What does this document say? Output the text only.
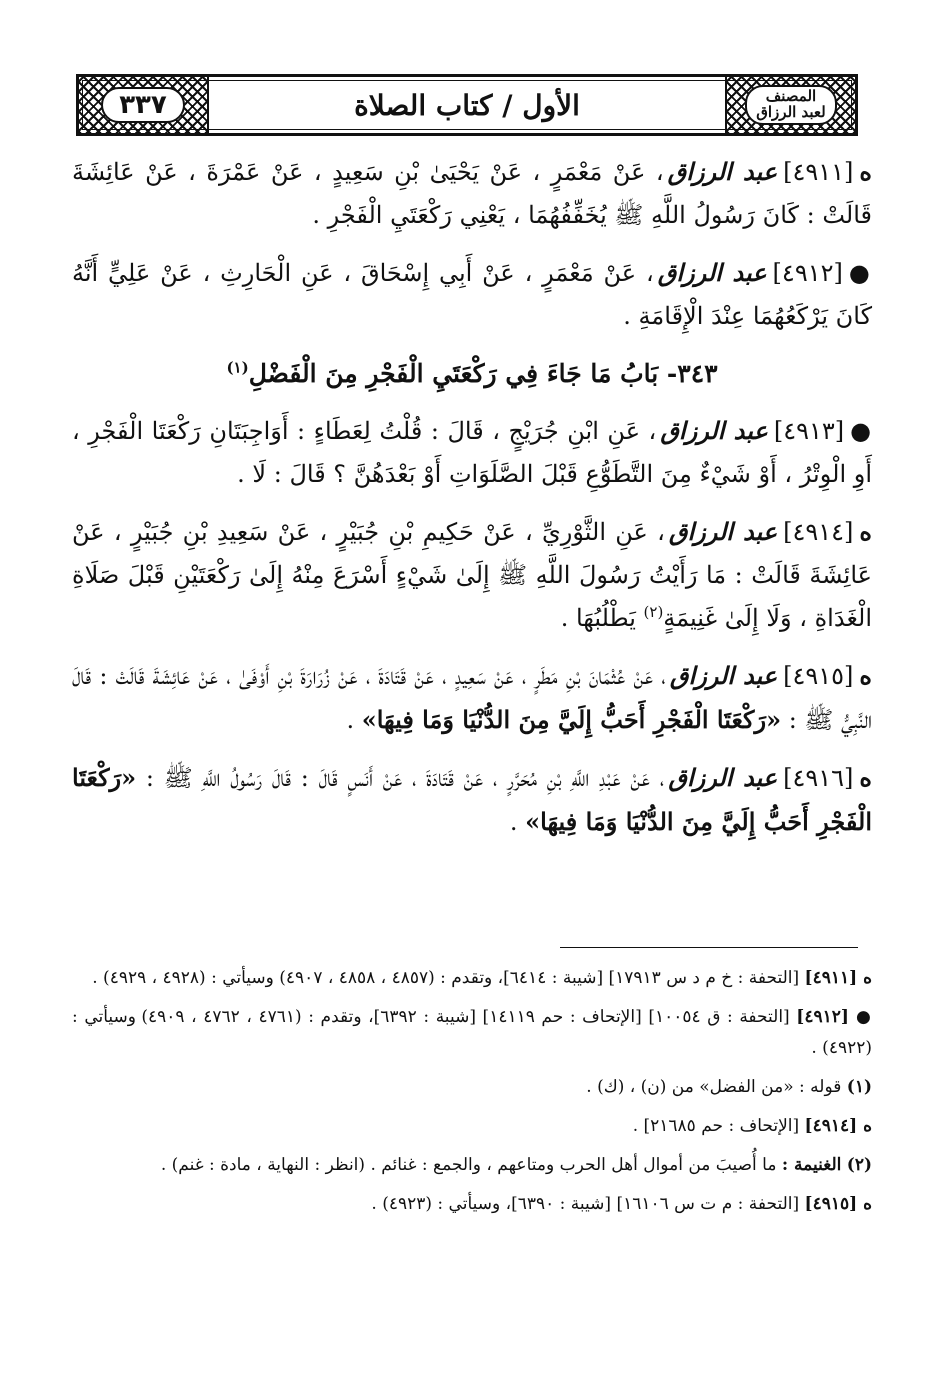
٣٣٧	الأول / كتاب الصلاة	المصنف
لعبد الرزاق

ه[٤٩١١]عبد الرزاق، عَنْ مَعْمَرٍ ، عَنْ يَحْيَىٰ بْنِ سَعِيدٍ ، عَنْ عَمْرَةَ ، عَنْ عَائِشَةَ قَالَتْ : كَانَ رَسُولُ اللَّهِ ﷺ يُخَفِّفُهُمَا ، يَعْنِي رَكْعَتَيِ الْفَجْرِ .

●[٤٩١٢]عبد الرزاق، عَنْ مَعْمَرٍ ، عَنْ أَبِي إِسْحَاقَ ، عَنِ الْحَارِثِ ، عَنْ عَلِيٍّ أَنَّهُ كَانَ يَرْكَعُهُمَا عِنْدَ الْإِقَامَةِ .

٣٤٣- بَابُ مَا جَاءَ فِي رَكْعَتَيِ الْفَجْرِ مِنَ الْفَضْلِ$^{(١)}$

●[٤٩١٣]عبد الرزاق، عَنِ ابْنِ جُرَيْجٍ ، قَالَ : قُلْتُ لِعَطَاءٍ : أَوَاجِبَتَانِ رَكْعَتَا الْفَجْرِ ، أَوِ الْوِتْرُ ، أَوْ شَيْءٌ مِنَ التَّطَوُّعِ قَبْلَ الصَّلَوَاتِ أَوْ بَعْدَهُنَّ ؟ قَالَ : لَا .

ه[٤٩١٤]عبد الرزاق، عَنِ الثَّوْرِيِّ ، عَنْ حَكِيمِ بْنِ جُبَيْرٍ ، عَنْ سَعِيدِ بْنِ جُبَيْرٍ ، عَنْ عَائِشَةَ قَالَتْ : مَا رَأَيْتُ رَسُولَ اللَّهِ ﷺ إِلَىٰ شَيْءٍ أَسْرَعَ مِنْهُ إِلَىٰ رَكْعَتَيْنِ قَبْلَ صَلَاةِ الْغَدَاةِ ، وَلَا إِلَىٰ غَنِيمَةٍ$^{(٢)}$ يَطْلُبُهَا .

ه[٤٩١٥]عبد الرزاق، عَنْ عُثْمَانَ بْنِ مَطَرٍ ، عَنْ سَعِيدٍ ، عَنْ قَتَادَةَ ، عَنْ زُرَارَةَ بْنِ أَوْفَىٰ ، عَنْ عَائِشَةَ قَالَتْ : قَالَ النَّبِيُّ ﷺ : «رَكْعَتَا الْفَجْرِ أَحَبُّ إِلَيَّ مِنَ الدُّنْيَا وَمَا فِيهَا» .

ه[٤٩١٦]عبد الرزاق، عَنْ عَبْدِ اللَّهِ بْنِ مُحَرَّرٍ ، عَنْ قَتَادَةَ ، عَنْ أَنَسٍ قَالَ : قَالَ رَسُولُ اللَّهِ ﷺ : «رَكْعَتَا الْفَجْرِ أَحَبُّ إِلَيَّ مِنَ الدُّنْيَا وَمَا فِيهَا» .

ه [٤٩١١] [التحفة : خ م د س ١٧٩١٣] [شيبة : ٦٤١٤]، وتقدم : (٤٨٥٧ ، ٤٨٥٨ ، ٤٩٠٧) وسيأتي : (٤٩٢٨ ، ٤٩٢٩) .

● [٤٩١٢] [التحفة : ق ١٠٠٥٤] [الإتحاف : حم ١٤١١٩] [شيبة : ٦٣٩٢]، وتقدم : (٤٧٦١ ، ٤٧٦٢ ، ٤٩٠٩) وسيأتي : (٤٩٢٢) .

(١) قوله : «من الفضل» من (ن) ، (ك) .

ه [٤٩١٤] [الإتحاف : حم ٢١٦٨٥] .

(٢) الغنيمة : ما أُصيبَ من أموال أهل الحرب ومتاعهم ، والجمع : غنائم . (انظر : النهاية ، مادة : غنم) .

ه [٤٩١٥] [التحفة : م ت س ١٦١٠٦] [شيبة : ٦٣٩٠]، وسيأتي : (٤٩٢٣) .
